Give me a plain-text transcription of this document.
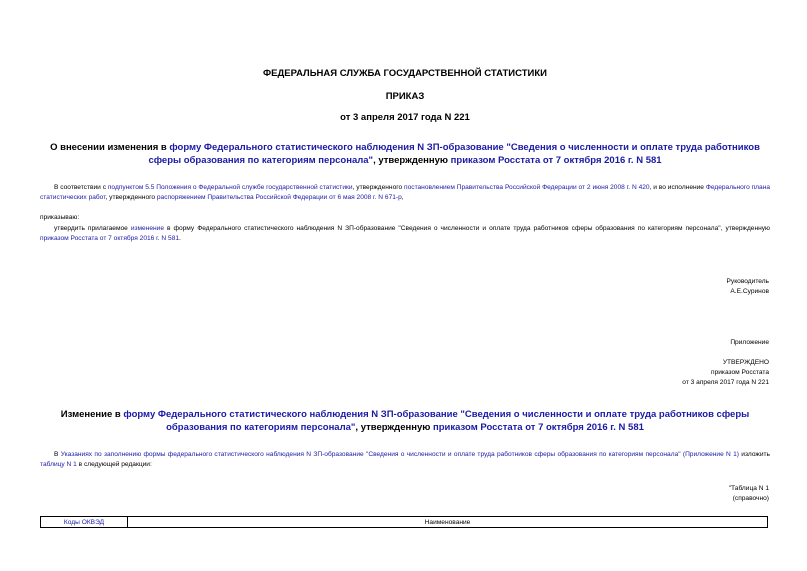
ФЕДЕРАЛЬНАЯ СЛУЖБА ГОСУДАРСТВЕННОЙ СТАТИСТИКИ
ПРИКАЗ
от 3 апреля 2017 года N 221
О внесении изменения в форму Федерального статистического наблюдения N ЗП-образование "Сведения о численности и оплате труда работников сферы образования по категориям персонала", утвержденную приказом Росстата от 7 октября 2016 г. N 581
В соответствии с подпунктом 5.5 Положения о Федеральной службе государственной статистики, утвержденного постановлением Правительства Российской Федерации от 2 июня 2008 г. N 420, и во исполнение Федерального плана статистических работ, утвержденного распоряжением Правительства Российской Федерации от 6 мая 2008 г. N 671-р,
приказываю:
утвердить прилагаемое изменение в форму Федерального статистического наблюдения N ЗП-образование "Сведения о численности и оплате труда работников сферы образования по категориям персонала", утвержденную приказом Росстата от 7 октября 2016 г. N 581.
Руководитель
А.Е.Суринов
Приложение
УТВЕРЖДЕНО
приказом Росстата
от 3 апреля 2017 года N 221
Изменение в форму Федерального статистического наблюдения N ЗП-образование "Сведения о численности и оплате труда работников сферы образования по категориям персонала", утвержденную приказом Росстата от 7 октября 2016 г. N 581
В Указаниях по заполнению формы федерального статистического наблюдения N ЗП-образование "Сведения о численности и оплате труда работников сферы образования по категориям персонала" (Приложение N 1) изложить таблицу N 1 в следующей редакции:
"Таблица N 1
(справочно)
Коды ОКВЭД	Наименование
